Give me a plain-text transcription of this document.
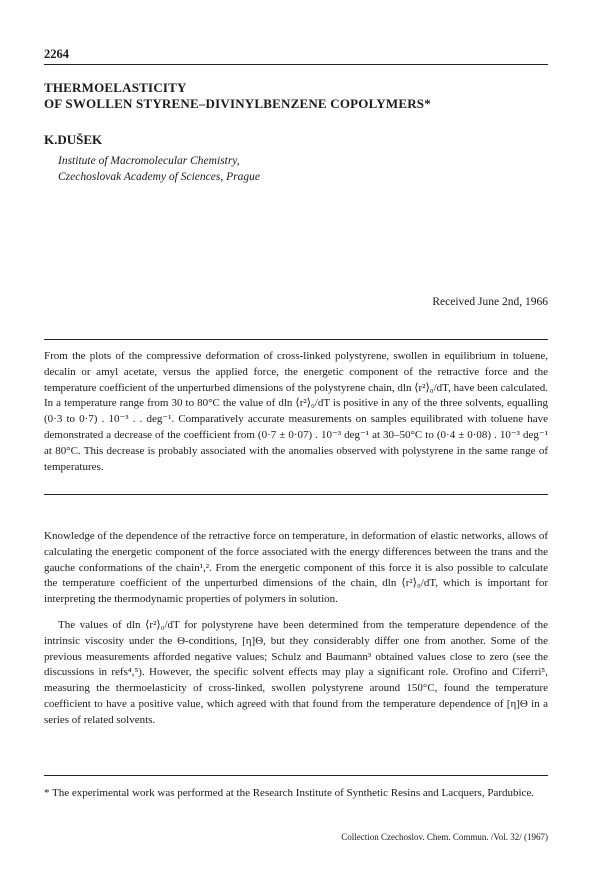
2264
THERMOELASTICITY
OF SWOLLEN STYRENE–DIVINYLBENZENE COPOLYMERS*
K.DUŠEK
Institute of Macromolecular Chemistry,
Czechoslovak Academy of Sciences, Prague
Received June 2nd, 1966
From the plots of the compressive deformation of cross-linked polystyrene, swollen in equilibrium in toluene, decalin or amyl acetate, versus the applied force, the energetic component of the retractive force and the temperature coefficient of the unperturbed dimensions of the polystyrene chain, dln ⟨r²⟩₀/dT, have been calculated. In a temperature range from 30 to 80°C the value of dln ⟨r²⟩₀/dT is positive in any of the three solvents, equalling (0·3 to 0·7) . 10⁻³ . . deg⁻¹. Comparatively accurate measurements on samples equilibrated with toluene have demonstrated a decrease of the coefficient from (0·7 ± 0·07) . 10⁻³ deg⁻¹ at 30–50°C to (0·4 ± 0·08) . 10⁻³ deg⁻¹ at 80°C. This decrease is probably associated with the anomalies observed with polystyrene in the same range of temperatures.
Knowledge of the dependence of the retractive force on temperature, in deformation of elastic networks, allows of calculating the energetic component of the force associated with the energy differences between the trans and the gauche conformations of the chain¹,². From the energetic component of this force it is also possible to calculate the temperature coefficient of the unperturbed dimensions of the chain, dln ⟨r²⟩₀/dT, which is important for interpreting the thermodynamic properties of polymers in solution.
The values of dln ⟨r²⟩₀/dT for polystyrene have been determined from the temperature dependence of the intrinsic viscosity under the Θ-conditions, [η]Θ, but they considerably differ one from another. Some of the previous measurements afforded negative values; Schulz and Baumann³ obtained values close to zero (see the discussions in refs⁴,⁵). However, the specific solvent effects may play a significant role. Orofino and Ciferri⁵, measuring the thermoelasticity of cross-linked, swollen polystyrene around 150°C, found the temperature coefficient to have a positive value, which agreed with that found from the temperature dependence of [η]Θ in a series of related solvents.
* The experimental work was performed at the Research Institute of Synthetic Resins and Lacquers, Pardubice.
Collection Czechoslov. Chem. Commun. /Vol. 32/ (1967)
